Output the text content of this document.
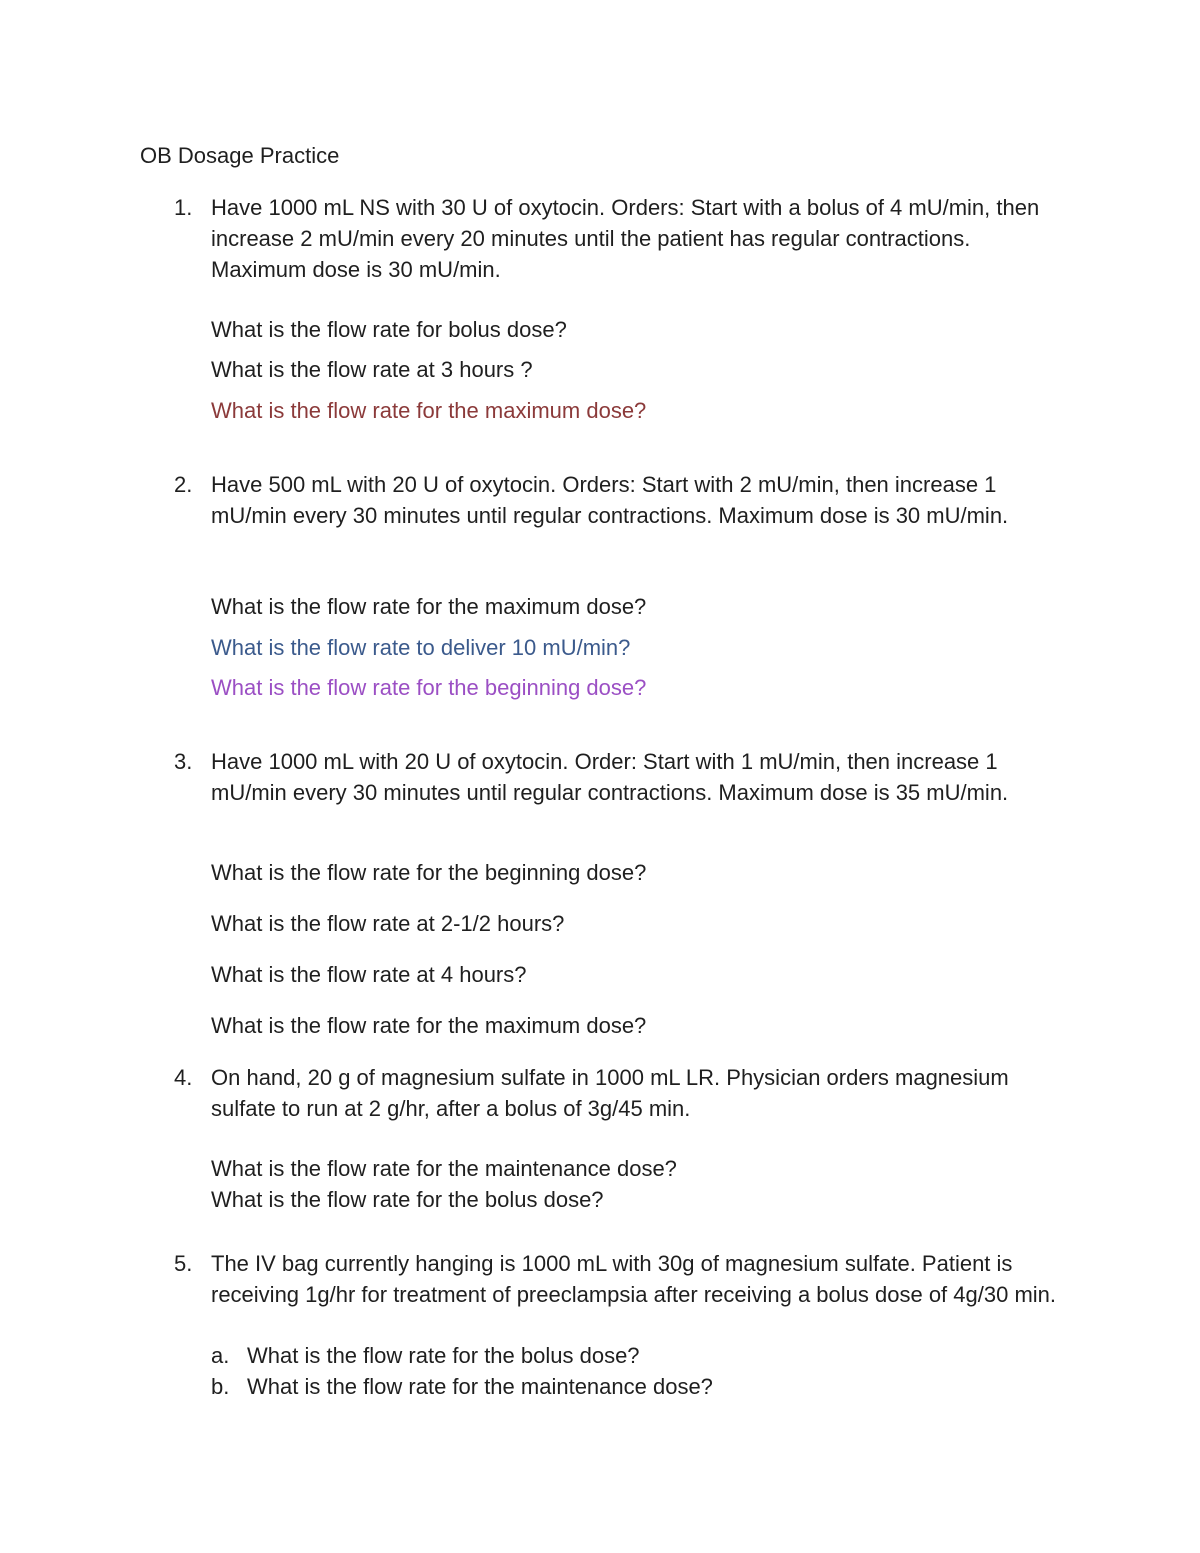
OB Dosage Practice
1. Have 1000 mL NS with 30 U of oxytocin. Orders: Start with a bolus of 4 mU/min, then increase 2 mU/min every 20 minutes until the patient has regular contractions. Maximum dose is 30 mU/min.
What is the flow rate for bolus dose?
What is the flow rate at 3 hours ?
What is the flow rate for the maximum dose?
2. Have 500 mL with 20 U of oxytocin. Orders: Start with 2 mU/min, then increase 1 mU/min every 30 minutes until regular contractions. Maximum dose is 30 mU/min.
What is the flow rate for the maximum dose?
What is the flow rate to deliver 10 mU/min?
What is the flow rate for the beginning dose?
3. Have 1000 mL with 20 U of oxytocin. Order: Start with 1 mU/min, then increase 1 mU/min every 30 minutes until regular contractions. Maximum dose is 35 mU/min.
What is the flow rate for the beginning dose?
What is the flow rate at 2-1/2 hours?
What is the flow rate at 4 hours?
What is the flow rate for the maximum dose?
4. On hand, 20 g of magnesium sulfate in 1000 mL LR. Physician orders magnesium sulfate to run at 2 g/hr, after a bolus of 3g/45 min.
What is the flow rate for the maintenance dose?
What is the flow rate for the bolus dose?
5. The IV bag currently hanging is 1000 mL with 30g of magnesium sulfate. Patient is receiving 1g/hr for treatment of preeclampsia after receiving a bolus dose of 4g/30 min.
a. What is the flow rate for the bolus dose?
b. What is the flow rate for the maintenance dose?
